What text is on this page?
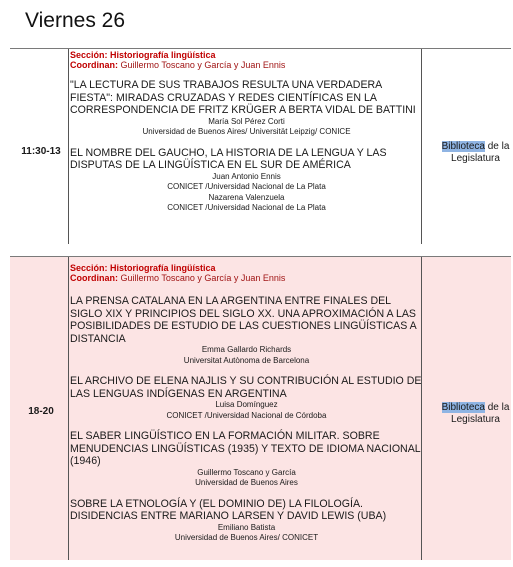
Viernes 26
11:30-13
Sección: Historiografía lingüística
Coordinan: Guillermo Toscano y García y Juan Ennis
"LA LECTURA DE SUS TRABAJOS RESULTA UNA VERDADERA FIESTA": MIRADAS CRUZADAS Y REDES CIENTÍFICAS EN LA CORRESPONDENCIA DE FRITZ KRÜGER A BERTA VIDAL DE BATTINI
María Sol Pérez Corti
Universidad de Buenos Aires/ Universität Leipzig/ CONICE
EL NOMBRE DEL GAUCHO, LA HISTORIA DE LA LENGUA Y LAS DISPUTAS DE LA LINGÜÍSTICA EN EL SUR DE AMÉRICA
Juan Antonio Ennis
CONICET /Universidad Nacional de La Plata
Nazarena Valenzuela
CONICET /Universidad Nacional de La Plata
Biblioteca de la
Legislatura
18-20
Sección: Historiografía lingüística
Coordinan: Guillermo Toscano y García y Juan Ennis
LA PRENSA CATALANA EN LA ARGENTINA ENTRE FINALES DEL SIGLO XIX Y PRINCIPIOS DEL SIGLO XX. UNA APROXIMACIÓN A LAS POSIBILIDADES DE ESTUDIO DE LAS CUESTIONES LINGÜÍSTICAS A DISTANCIA
Emma Gallardo Richards
Universitat Autònoma de Barcelona
EL ARCHIVO DE ELENA NAJLIS Y SU CONTRIBUCIÓN AL ESTUDIO DE LAS LENGUAS INDÍGENAS EN ARGENTINA
Luisa Domínguez
CONICET /Universidad Nacional de Córdoba
EL SABER LINGÜÍSTICO EN LA FORMACIÓN MILITAR. SOBRE MENUDENCIAS LINGÜÍSTICAS (1935) Y TEXTO DE IDIOMA NACIONAL (1946)
Guillermo Toscano y García
Universidad de Buenos Aires
SOBRE LA ETNOLOGÍA Y (EL DOMINIO DE) LA FILOLOGÍA. DISIDENCIAS ENTRE MARIANO LARSEN Y DAVID LEWIS (UBA)
Emiliano Batista
Universidad de Buenos Aires/ CONICET
Biblioteca de la
Legislatura
